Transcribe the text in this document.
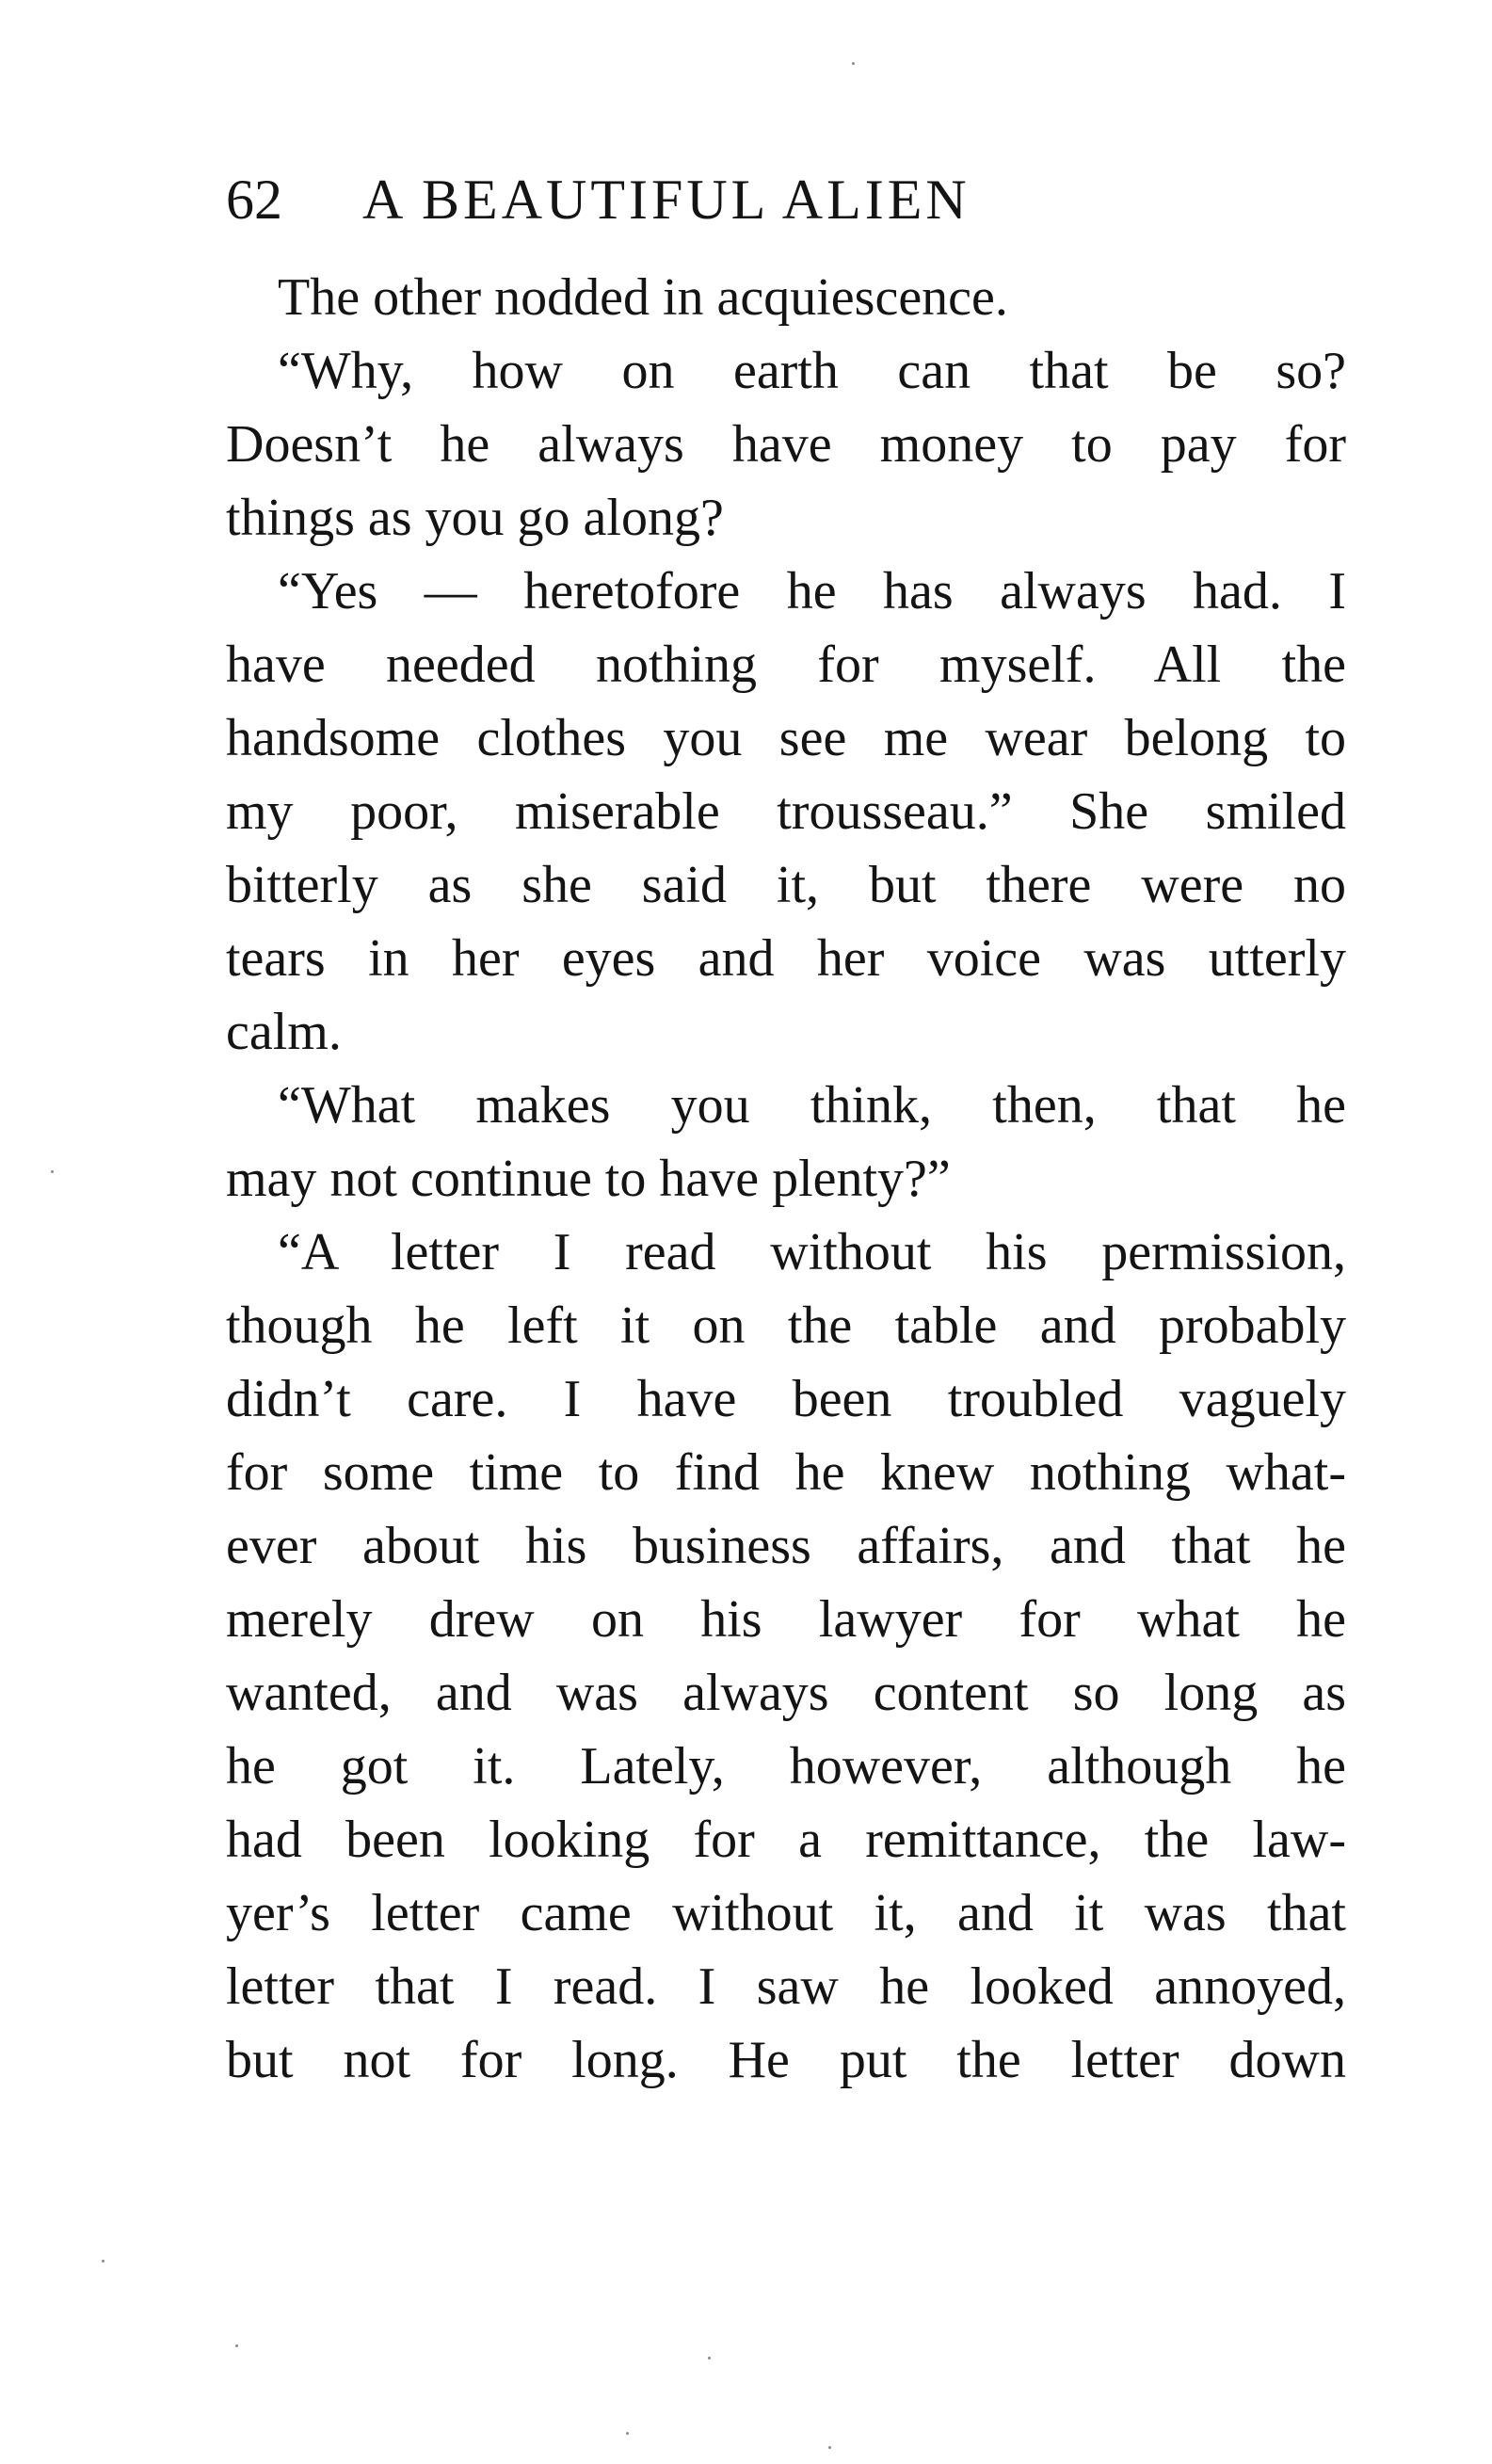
62 A BEAUTIFUL ALIEN
The other nodded in acquiescence.
“Why, how on earth can that be so?
Doesn’t he always have money to pay for
things as you go along?
“Yes — heretofore he has always had. I
have needed nothing for myself. All the
handsome clothes you see me wear belong to
my poor, miserable trousseau.” She smiled
bitterly as she said it, but there were no
tears in her eyes and her voice was utterly
calm.
“What makes you think, then, that he
may not continue to have plenty?”
“A letter I read without his permission,
though he left it on the table and probably
didn’t care. I have been troubled vaguely
for some time to find he knew nothing what-
ever about his business affairs, and that he
merely drew on his lawyer for what he
wanted, and was always content so long as
he got it. Lately, however, although he
had been looking for a remittance, the law-
yer’s letter came without it, and it was that
letter that I read. I saw he looked annoyed,
but not for long. He put the letter down
